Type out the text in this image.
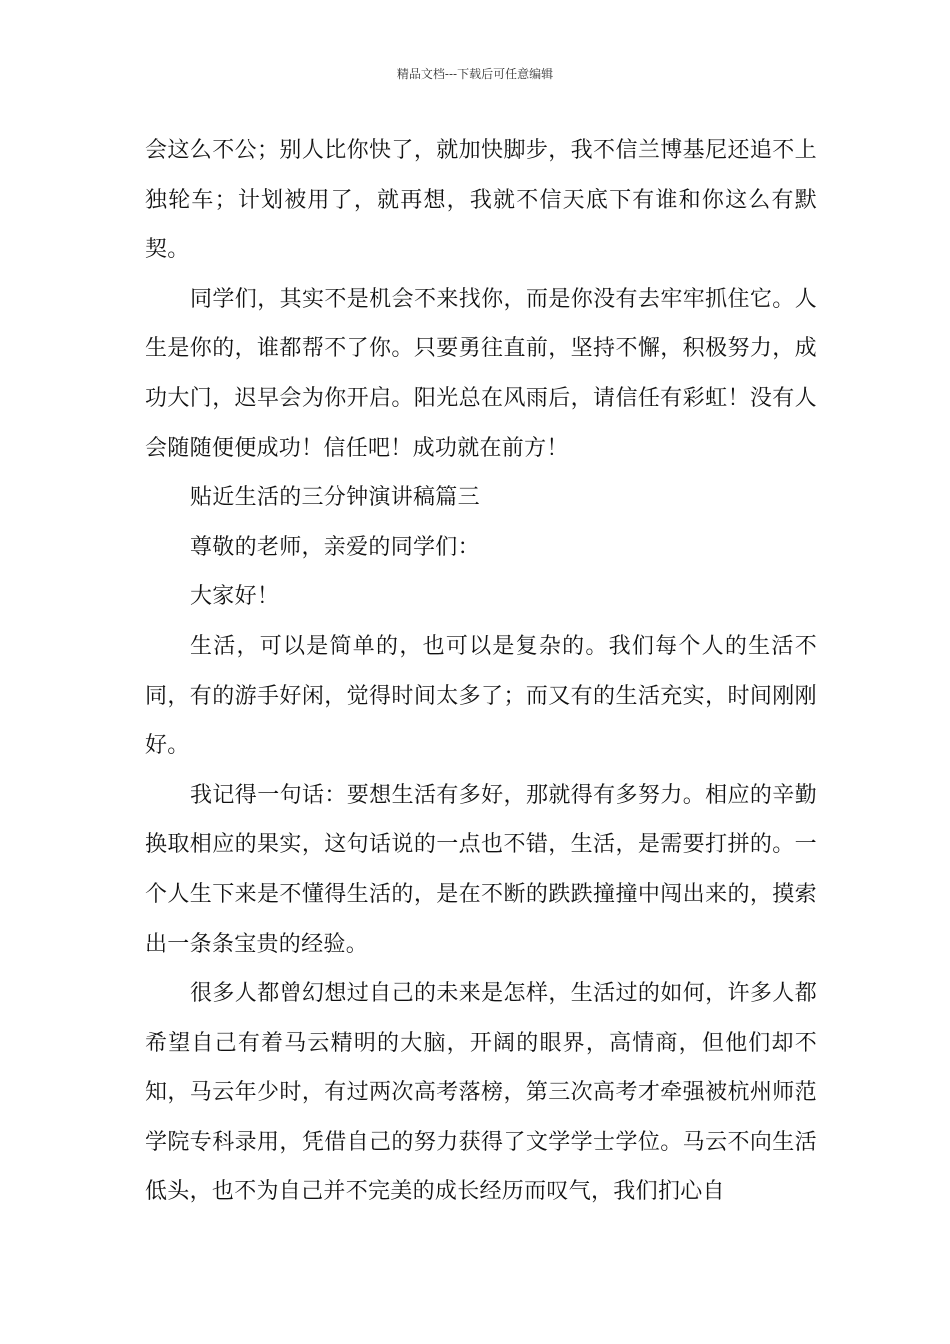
精品文档---下载后可任意编辑

会这么不公；别人比你快了，就加快脚步，我不信兰博基尼还追不上独轮车；计划被用了，就再想，我就不信天底下有谁和你这么有默契。

同学们，其实不是机会不来找你，而是你没有去牢牢抓住它。人生是你的，谁都帮不了你。只要勇往直前，坚持不懈，积极努力，成功大门，迟早会为你开启。阳光总在风雨后，请信任有彩虹！没有人会随随便便成功！信任吧！成功就在前方！

贴近生活的三分钟演讲稿篇三

尊敬的老师，亲爱的同学们：

大家好！

生活，可以是简单的，也可以是复杂的。我们每个人的生活不同，有的游手好闲，觉得时间太多了；而又有的生活充实，时间刚刚好。

我记得一句话：要想生活有多好，那就得有多努力。相应的辛勤换取相应的果实，这句话说的一点也不错，生活，是需要打拼的。一个人生下来是不懂得生活的，是在不断的跌跌撞撞中闯出来的，摸索出一条条宝贵的经验。

很多人都曾幻想过自己的未来是怎样，生活过的如何，许多人都希望自己有着马云精明的大脑，开阔的眼界，高情商，但他们却不知，马云年少时，有过两次高考落榜，第三次高考才牵强被杭州师范学院专科录用，凭借自己的努力获得了文学学士学位。马云不向生活低头，也不为自己并不完美的成长经历而叹气，我们扪心自
